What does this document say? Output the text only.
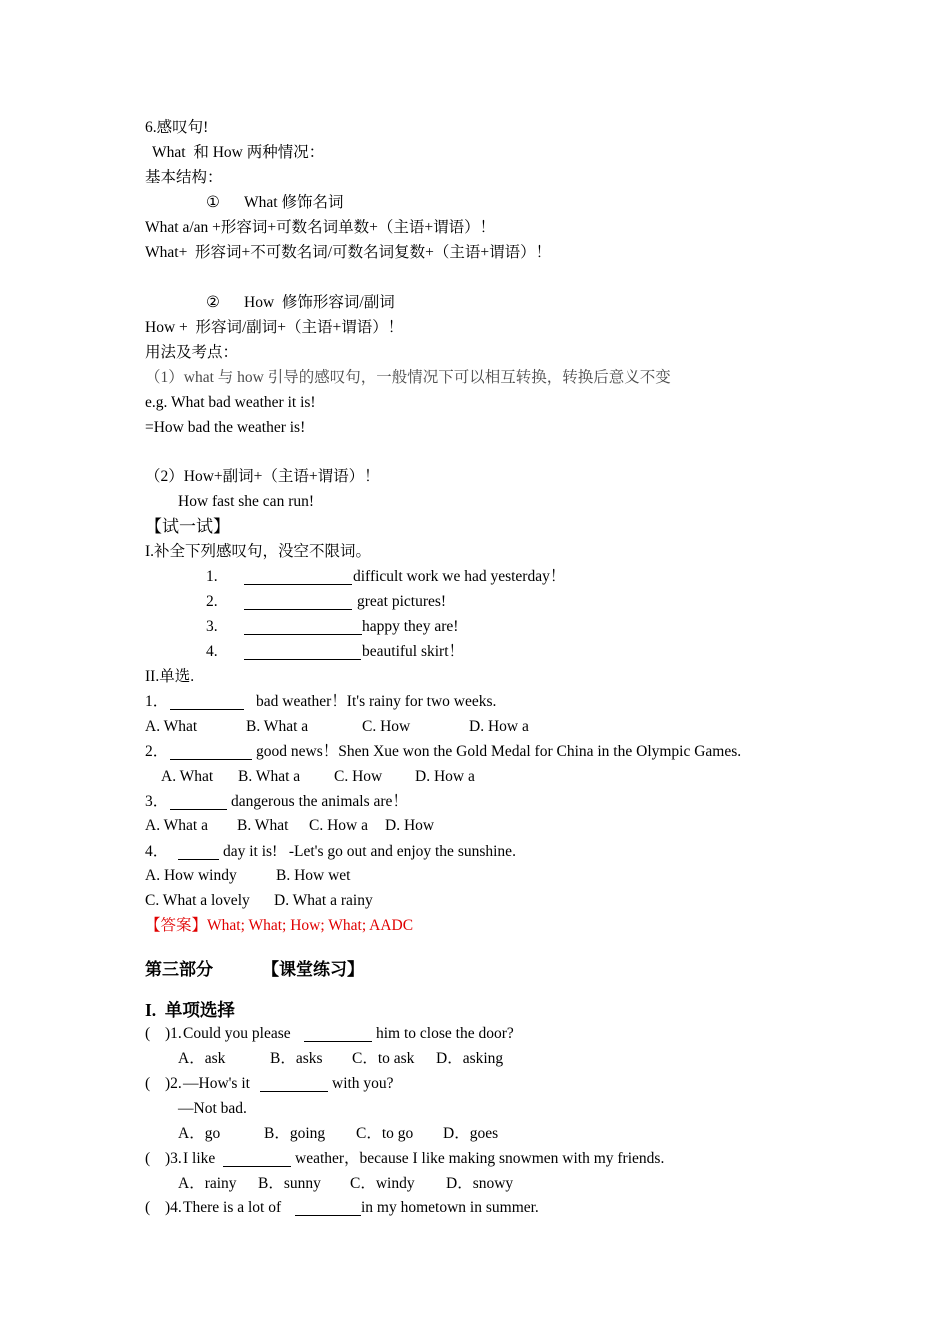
6.感叹句!
What  和 How 两种情况：
基本结构：
① What 修饰名词
What a/an +形容词+可数名词单数+（主语+谓语）！
What+  形容词+不可数名词/可数名词复数+（主语+谓语）！
② How  修饰形容词/副词
How +  形容词/副词+（主语+谓语）！
用法及考点：
（1）what 与 how 引导的感叹句，一般情况下可以相互转换，转换后意义不变
e.g. What bad weather it is!
=How bad the weather is!
（2）How+副词+（主语+谓语）！
How fast she can run!
【试一试】
I.补全下列感叹句，没空不限词。
1.	difficult work we had yesterday！
2.	great pictures!
3.	happy they are!
4.	beautiful skirt！
II.单选.
1．	bad weather！It's rainy for two weeks.
A. What	B. What a	C. How	D. How a
2．	good news！Shen Xue won the Gold Medal for China in the Olympic Games.
A. What B. What a C. How D. How a
3．	dangerous the animals are！
A. What a B. What C. How a D. How
4．	day it is!   -Let's go out and enjoy the sunshine.
A. How windy	B. How wet
C. What a lovely D. What a rainy
【答案】What; What; How; What; AADC
第三部分	【课堂练习】
I.  单项选择
( )1. Could you please	him to close the door?
A．ask	B．asks C．to ask D．asking
( )2. —How's it	with you?
—Not bad.
A．go	B．going C．to go D．goes
( )3. I like	weather，because I like making snowmen with my friends.
A．rainy B．sunny C．windy D．snowy
( )4. There is a lot of	in my hometown in summer.
